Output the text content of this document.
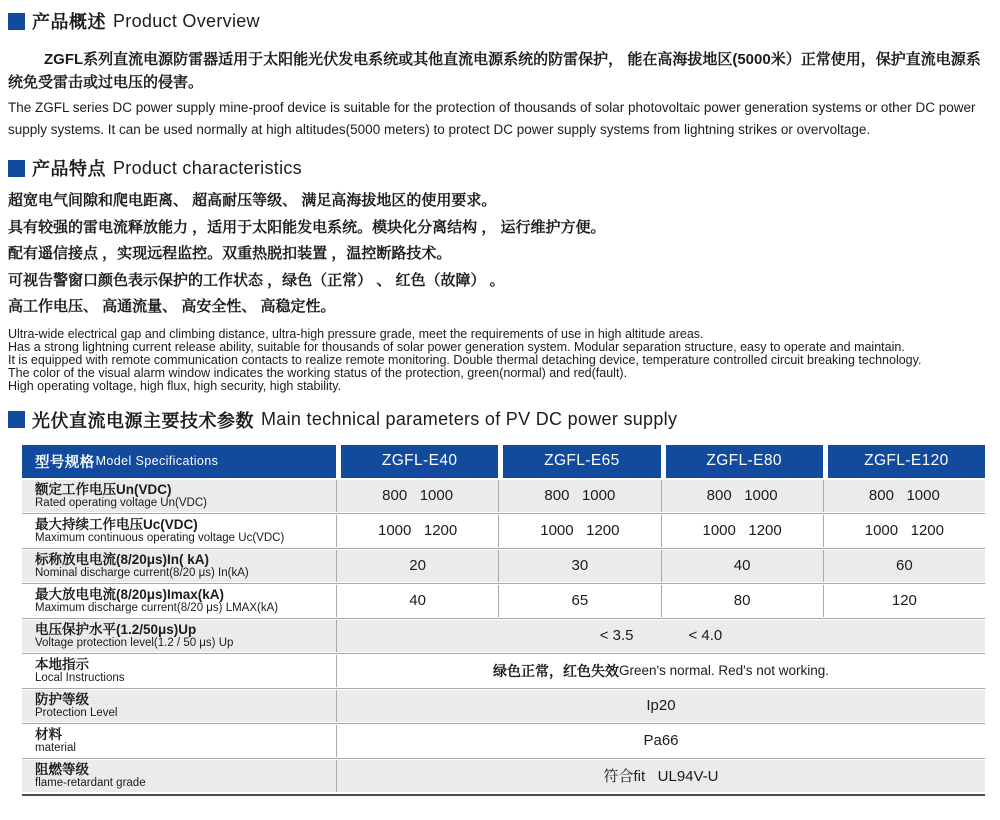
产品概述 Product Overview

ZGFL系列直流电源防雷器适用于太阳能光伏发电系统或其他直流电源系统的防雷保护， 能在高海拔地区(5000米）正常使用，保护直流电源系统免受雷击或过电压的侵害。

The ZGFL series DC power supply mine-proof device is suitable for the protection of thousands of solar photovoltaic power generation systems or other DC power supply systems. It can be used normally at high altitudes(5000 meters) to protect DC power supply systems from lightning strikes or overvoltage.

产品特点 Product characteristics

超宽电气间隙和爬电距离、 超高耐压等级、 满足高海拔地区的使用要求。

具有较强的雷电流释放能力 ，适用于太阳能发电系统。模块化分离结构 ， 运行维护方便。

配有遥信接点 ，实现远程监控。双重热脱扣装置 ，温控断路技术。

可视告警窗口颜色表示保护的工作状态 ，绿色（正常） 、 红色（故障） 。

高工作电压、 高通流量、 高安全性、 高稳定性。

Ultra-wide electrical gap and climbing distance, ultra-high pressure grade, meet the requirements of use in high altitude areas.

Has a strong lightning current release ability, suitable for thousands of solar power generation system. Modular separation structure, easy to operate and maintain.

It is equipped with remote communication contacts to realize remote monitoring. Double thermal detaching device, temperature controlled circuit breaking technology.

The color of the visual alarm window indicates the working status of the protection, green(normal) and red(fault).

High operating voltage, high flux, high security, high stability.

光伏直流电源主要技术参数 Main technical parameters of PV DC power supply
型号规格 Model Specifications	ZGFL-E40	ZGFL-E65	ZGFL-E80	ZGFL-E120
额定工作电压Un(VDC)
Rated operating voltage Un(VDC)	800   1000	800   1000	800   1000	800   1000
最大持续工作电压Uc(VDC)
Maximum continuous operating voltage Uc(VDC)	1000   1200	1000   1200	1000   1200	1000   1200
标称放电电流(8/20μs)In( kA)
Nominal discharge current(8/20 μs) In(kA)	20	30	40	60
最大放电电流(8/20μs)Imax(kA)
Maximum discharge current(8/20 μs) LMAX(kA)	40	65	80	120
电压保护水平(1.2/50μs)Up
Voltage protection level(1.2 / 50 μs) Up	< 3.5	< 4.0
本地指示
Local Instructions	绿色正常，红色失效 Green's normal. Red's not working.
防护等级
Protection Level	Ip20
材料
material	Pa66
阻燃等级
flame-retardant grade	符合fit   UL94V-U
